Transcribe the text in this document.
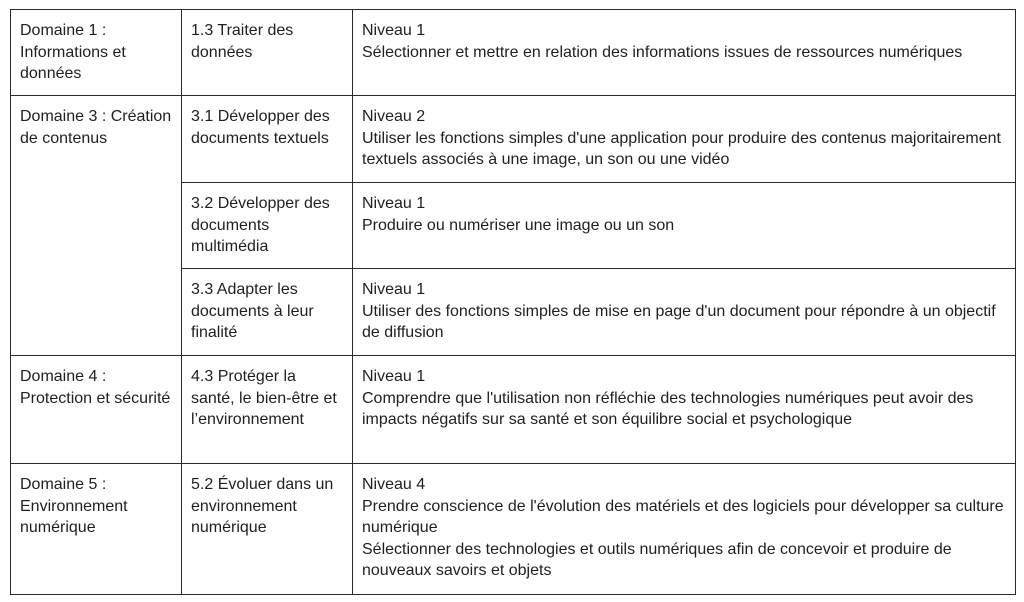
Domaine 1 : Informations et données	1.3 Traiter des données	Niveau 1
Sélectionner et mettre en relation des informations issues de ressources numériques

Domaine 3 : Création de contenus	3.1 Développer des documents textuels	Niveau 2
Utiliser les fonctions simples d'une application pour produire des contenus majoritairement textuels associés à une image, un son ou une vidéo

	3.2 Développer des documents multimédia	Niveau 1
Produire ou numériser une image ou un son

	3.3 Adapter les documents à leur finalité	Niveau 1
Utiliser des fonctions simples de mise en page d'un document pour répondre à un objectif de diffusion

Domaine 4 : Protection et sécurité	4.3 Protéger la santé, le bien-être et l’environnement	Niveau 1
Comprendre que l'utilisation non réfléchie des technologies numériques peut avoir des impacts négatifs sur sa santé et son équilibre social et psychologique

Domaine 5 : Environnement numérique	5.2 Évoluer dans un environnement numérique	Niveau 4
Prendre conscience de l'évolution des matériels et des logiciels pour développer sa culture numérique
Sélectionner des technologies et outils numériques afin de concevoir et produire de nouveaux savoirs et objets
